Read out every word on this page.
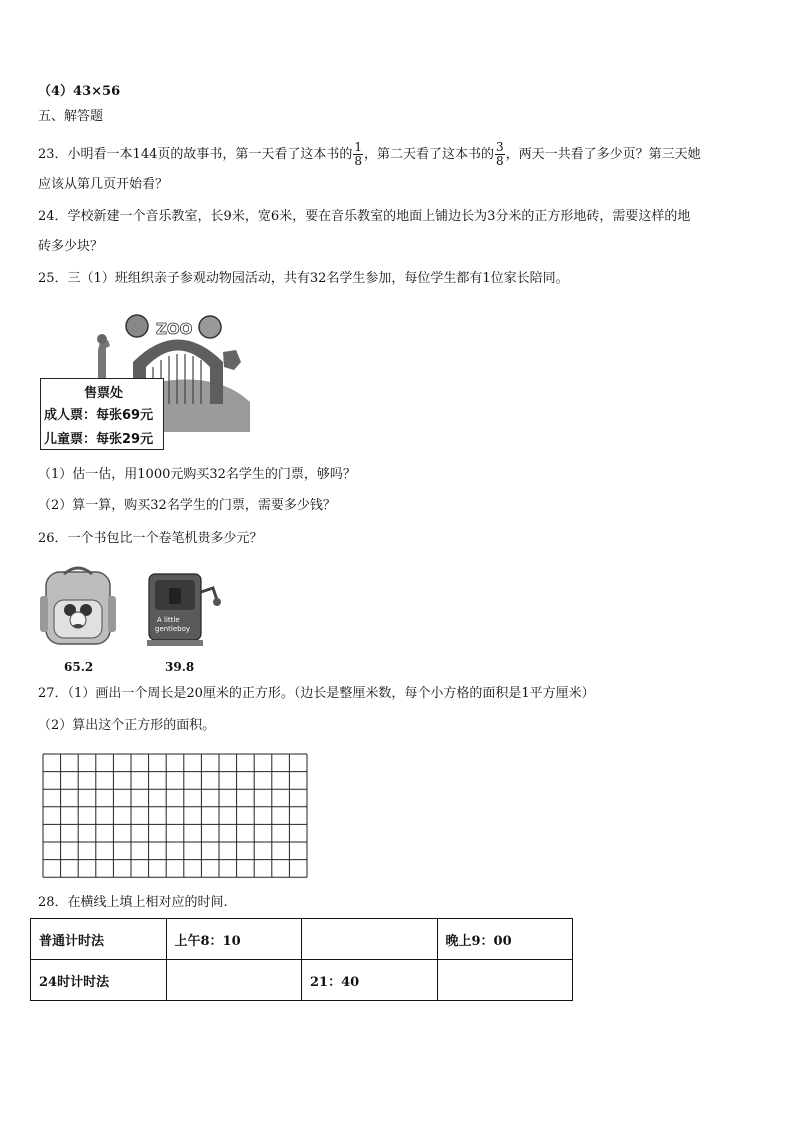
（4）43×56
五、解答题
23．小明看一本144页的故事书，第一天看了这本书的 $\frac{1}{8}$ ，第二天看了这本书的 $\frac{3}{8}$ ，两天一共看了多少页？第三天她
应该从第几页开始看？
24．学校新建一个音乐教室，长9米，宽6米，要在音乐教室的地面上铺边长为3分米的正方形地砖，需要这样的地
砖多少块？
25．三（1）班组织亲子参观动物园活动，共有32名学生参加，每位学生都有1位家长陪同。
ZOO
售票处
成人票：每张69元
儿童票：每张29元
（1）估一估，用1000元购买32名学生的门票，够吗？
（2）算一算，购买32名学生的门票，需要多少钱？
26．一个书包比一个卷笔机贵多少元？
65.2
A little
gentleboy
39.8
27．（1）画出一个周长是20厘米的正方形。（边长是整厘米数，每个小方格的面积是1平方厘米）
（2）算出这个正方形的面积。
28．在横线上填上相对应的时间.
普通计时法	上午8：10		晚上9：00
24时计时法		21：40	
